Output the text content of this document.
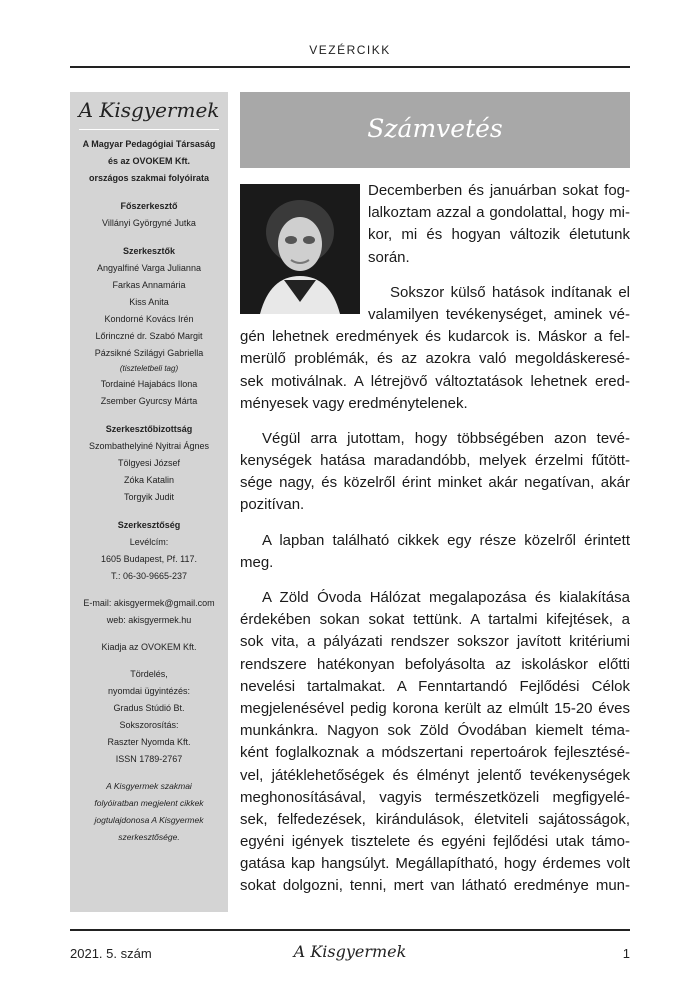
VEZÉRCIKK
A Kisgyermek
A Magyar Pedagógiai Társaság
és az OVOKEM Kft.
országos szakmai folyóirata
Főszerkesztő
Villányi Györgyné Jutka
Szerkesztők
Angyalfiné Varga Julianna
Farkas Annamária
Kiss Anita
Kondorné Kovács Irén
Lőrinczné dr. Szabó Margit
Pázsikné Szilágyi Gabriella
(tiszteletbeli tag)
Tordainé Hajabács Ilona
Zsember Gyurcsy Márta
Szerkesztőbizottság
Szombathelyiné Nyitrai Ágnes
Tölgyesi József
Zóka Katalin
Torgyik Judit
Szerkesztőség
Levélcím:
1605 Budapest, Pf. 117.
T.: 06-30-9665-237
E-mail: akisgyermek@gmail.com
web: akisgyermek.hu
Kiadja az OVOKEM Kft.
Tördelés,
nyomdai ügyintézés:
Gradus Stúdió Bt.
Sokszorosítás:
Raszter Nyomda Kft.
ISSN 1789-2767
A Kisgyermek szakmai
folyóiratban megjelent cikkek
jogtulajdonosa A Kisgyermek
szerkesztősége.
Számvetés

Decemberben és januárban sokat fog-
lalkoztam azzal a gondolattal, hogy mi-
kor, mi és hogyan változik életutunk
során.

Sokszor külső hatások indítanak el
valamilyen tevékenységet, aminek vé-
gén lehetnek eredmények és kudarcok is. Máskor a fel-
merülő problémák, és az azokra való megoldáskeresé-
sek motiválnak. A létrejövő változtatások lehetnek ered-
ményesek vagy eredménytelenek.

Végül arra jutottam, hogy többségében azon tevé-
kenységek hatása maradandóbb, melyek érzelmi fűtött-
sége nagy, és közelről érint minket akár negatívan, akár
pozitívan.

A lapban található cikkek egy része közelről érintett
meg.

A Zöld Óvoda Hálózat megalapozása és kialakítása
érdekében sokan sokat tettünk. A tartalmi kifejtések, a
sok vita, a pályázati rendszer sokszor javított kritériumi
rendszere hatékonyan befolyásolta az iskoláskor előtti
nevelési tartalmakat. A Fenntartandó Fejlődési Célok
megjelenésével pedig korona került az elmúlt 15-20 éves
munkánkra. Nagyon sok Zöld Óvodában kiemelt téma-
ként foglalkoznak a módszertani repertoárok fejlesztésé-
vel, játéklehetőségek és élményt jelentő tevékenységek
meghonosításával, vagyis természetközeli megfigyelé-
sek, felfedezések, kirándulások, életviteli sajátosságok,
egyéni igények tisztelete és egyéni fejlődési utak támo-
gatása kap hangsúlyt. Megállapítható, hogy érdemes volt
sokat dolgozni, tenni, mert van látható eredménye mun-

2021. 5. szám	A Kisgyermek	1
